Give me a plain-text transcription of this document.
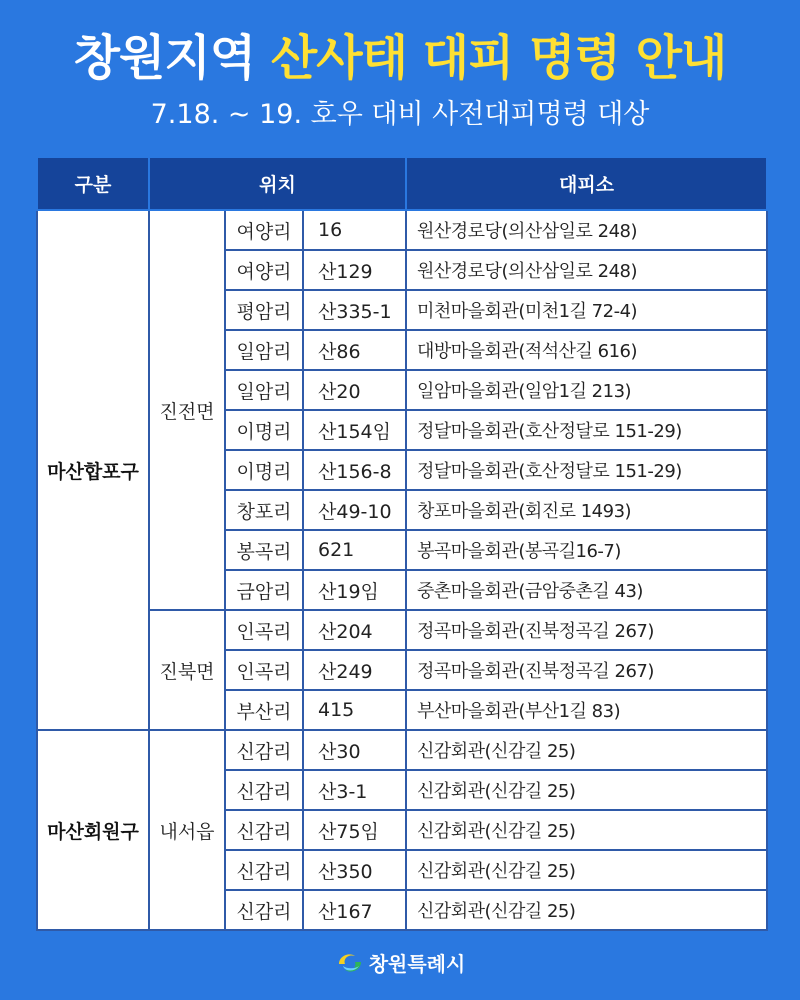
창원지역 산사태 대피 명령 안내
7.18. ~ 19. 호우 대비 사전대피명령 대상
구분	위치			대피소
마산합포구	진전면	여양리	16	원산경로당(의산삼일로 248)
		여양리	산129	원산경로당(의산삼일로 248)
		평암리	산335-1	미천마을회관(미천1길 72-4)
		일암리	산86	대방마을회관(적석산길 616)
		일암리	산20	일암마을회관(일암1길 213)
		이명리	산154임	정달마을회관(호산정달로 151-29)
		이명리	산156-8	정달마을회관(호산정달로 151-29)
		창포리	산49-10	창포마을회관(회진로 1493)
		봉곡리	621	봉곡마을회관(봉곡길16-7)
		금암리	산19임	중촌마을회관(금암중촌길 43)
	진북면	인곡리	산204	정곡마을회관(진북정곡길 267)
		인곡리	산249	정곡마을회관(진북정곡길 267)
		부산리	415	부산마을회관(부산1길 83)
마산회원구	내서읍	신감리	산30	신감회관(신감길 25)
		신감리	산3-1	신감회관(신감길 25)
		신감리	산75임	신감회관(신감길 25)
		신감리	산350	신감회관(신감길 25)
		신감리	산167	신감회관(신감길 25)
창원특례시
